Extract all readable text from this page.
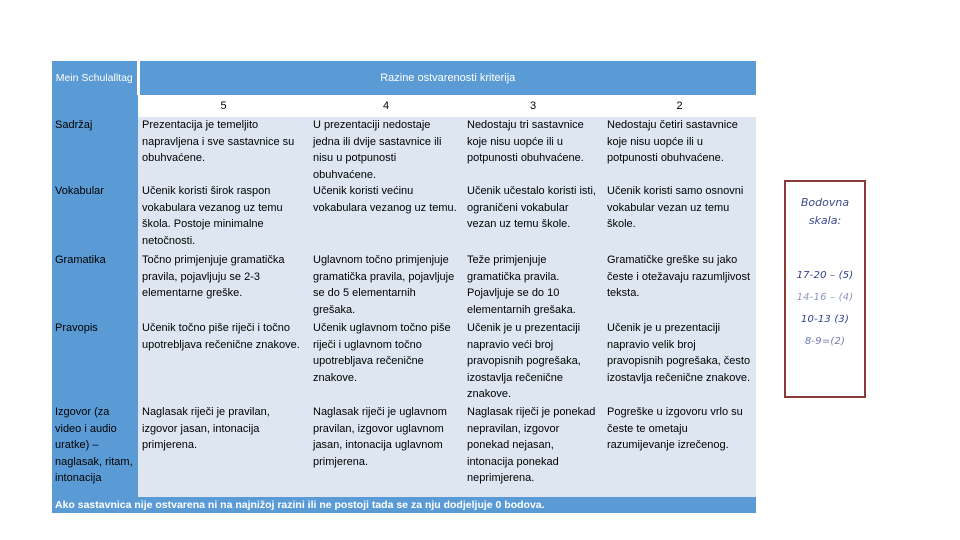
Mein Schulalltag	Razine ostvarenosti kriterija			
	5	4	3	2
Sadržaj	Prezentacija je temeljito napravljena i sve sastavnice su obuhvaćene.	U prezentaciji nedostaje jedna ili dvije sastavnice ili nisu u potpunosti obuhvaćene.	Nedostaju tri sastavnice koje nisu uopće ili u potpunosti obuhvaćene.	Nedostaju četiri sastavnice koje nisu uopće ili u potpunosti obuhvaćene.
Vokabular	Učenik koristi širok raspon vokabulara vezanog uz temu škola. Postoje minimalne netočnosti.	Učenik koristi većinu vokabulara vezanog uz temu.	Učenik učestalo koristi isti, ograničeni vokabular vezan uz temu škole.	Učenik koristi samo osnovni vokabular vezan uz temu škole.
Gramatika	Točno primjenjuje gramatička pravila, pojavljuju se 2-3 elementarne greške.	Uglavnom točno primjenjuje gramatička pravila, pojavljuje se do 5 elementarnih grešaka.	Teže primjenjuje gramatička pravila. Pojavljuje se do 10 elementarnih grešaka.	Gramatičke greške su jako česte i otežavaju razumljivost teksta.
Pravopis	Učenik točno piše riječi i točno upotrebljava rečenične znakove.	Učenik uglavnom točno piše riječi i uglavnom točno upotrebljava rečenične znakove.	Učenik je u prezentaciji napravio veći broj pravopisnih pogrešaka, izostavlja rečenične znakove.	Učenik je u prezentaciji napravio velik broj pravopisnih pogrešaka, često izostavlja rečenične znakove.
Izgovor (za video i audio uratke) – naglasak, ritam, intonacija	Naglasak riječi je pravilan, izgovor jasan, intonacija primjerena.	Naglasak riječi je uglavnom pravilan, izgovor uglavnom jasan, intonacija uglavnom primjerena.	Naglasak riječi je ponekad nepravilan, izgovor ponekad nejasan, intonacija ponekad neprimjerena.	Pogreške u izgovoru vrlo su česte te ometaju razumijevanje izrečenog.
Ako sastavnica nije ostvarena ni na najnižoj razini ili ne postoji tada se za nju dodjeljuje 0 bodova.				
Bodovna
skala:
17-20 – (5)
14-16 – (4)
10-13 (3)
8-9=(2)
